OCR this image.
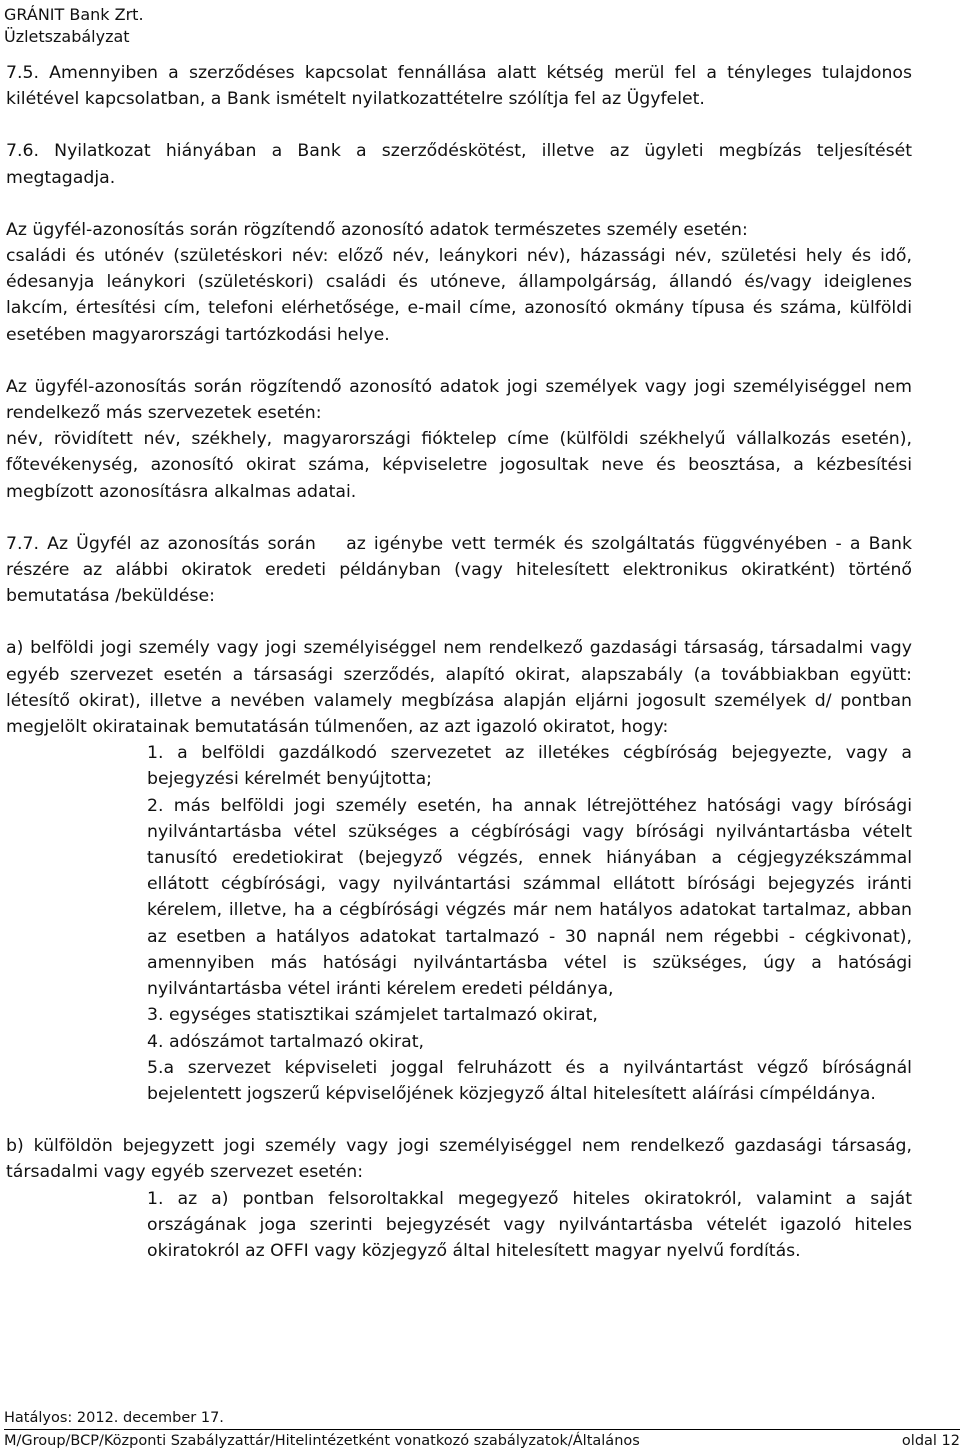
GRÁNIT Bank Zrt.
Üzletszabályzat

7.5. Amennyiben a szerződéses kapcsolat fennállása alatt kétség merül fel a tényleges tulajdonos kilétével kapcsolatban, a Bank ismételt nyilatkozattételre szólítja fel az Ügyfelet.

7.6. Nyilatkozat hiányában a Bank a szerződéskötést, illetve az ügyleti megbízás teljesítését megtagadja.

Az ügyfél-azonosítás során rögzítendő azonosító adatok természetes személy esetén:

családi és utónév (születéskori név: előző név, leánykori név), házassági név, születési hely és idő, édesanyja leánykori (születéskori) családi és utóneve, állampolgárság, állandó és/vagy ideiglenes lakcím, értesítési cím, telefoni elérhetősége, e-mail címe, azonosító okmány típusa és száma, külföldi esetében magyarországi tartózkodási helye.

Az ügyfél-azonosítás során rögzítendő azonosító adatok jogi személyek vagy jogi személyiséggel nem rendelkező más szervezetek esetén:

név, rövidített név, székhely, magyarországi fióktelep címe (külföldi székhelyű vállalkozás esetén), főtevékenység, azonosító okirat száma, képviseletre jogosultak neve és beosztása, a kézbesítési megbízott azonosításra alkalmas adatai.

7.7. Az Ügyfél az azonosítás során az igénybe vett termék és szolgáltatás függvényében - a Bank részére az alábbi okiratok eredeti példányban (vagy hitelesített elektronikus okiratként) történő bemutatása /beküldése:

a) belföldi jogi személy vagy jogi személyiséggel nem rendelkező gazdasági társaság, társadalmi vagy egyéb szervezet esetén a társasági szerződés, alapító okirat, alapszabály (a továbbiakban együtt: létesítő okirat), illetve a nevében valamely megbízása alapján eljárni jogosult személyek d/ pontban megjelölt okiratainak bemutatásán túlmenően, az azt igazoló okiratot, hogy:

1. a belföldi gazdálkodó szervezetet az illetékes cégbíróság bejegyezte, vagy a bejegyzési kérelmét benyújtotta;

2. más belföldi jogi személy esetén, ha annak létrejöttéhez hatósági vagy bírósági nyilvántartásba vétel szükséges a cégbírósági vagy bírósági nyilvántartásba vételt tanusító eredetiokirat (bejegyző végzés, ennek hiányában a cégjegyzékszámmal ellátott cégbírósági, vagy nyilvántartási számmal ellátott bírósági bejegyzés iránti kérelem, illetve, ha a cégbírósági végzés már nem hatályos adatokat tartalmaz, abban az esetben a hatályos adatokat tartalmazó - 30 napnál nem régebbi - cégkivonat), amennyiben más hatósági nyilvántartásba vétel is szükséges, úgy a hatósági nyilvántartásba vétel iránti kérelem eredeti példánya,

3. egységes statisztikai számjelet tartalmazó okirat,

4. adószámot tartalmazó okirat,

5.a szervezet képviseleti joggal felruházott és a nyilvántartást végző bíróságnál bejelentett jogszerű képviselőjének közjegyző által hitelesített aláírási címpéldánya.

b) külföldön bejegyzett jogi személy vagy jogi személyiséggel nem rendelkező gazdasági társaság, társadalmi vagy egyéb szervezet esetén:

1. az a) pontban felsoroltakkal megegyező hiteles okiratokról, valamint a saját országának joga szerinti bejegyzését vagy nyilvántartásba vételét igazoló hiteles okiratokról az OFFI vagy közjegyző által hitelesített magyar nyelvű fordítás.

Hatályos: 2012. december 17.
M/Group/BCP/Központi Szabályzattár/Hitelintézetként vonatkozó szabályzatok/Általános	oldal 12
